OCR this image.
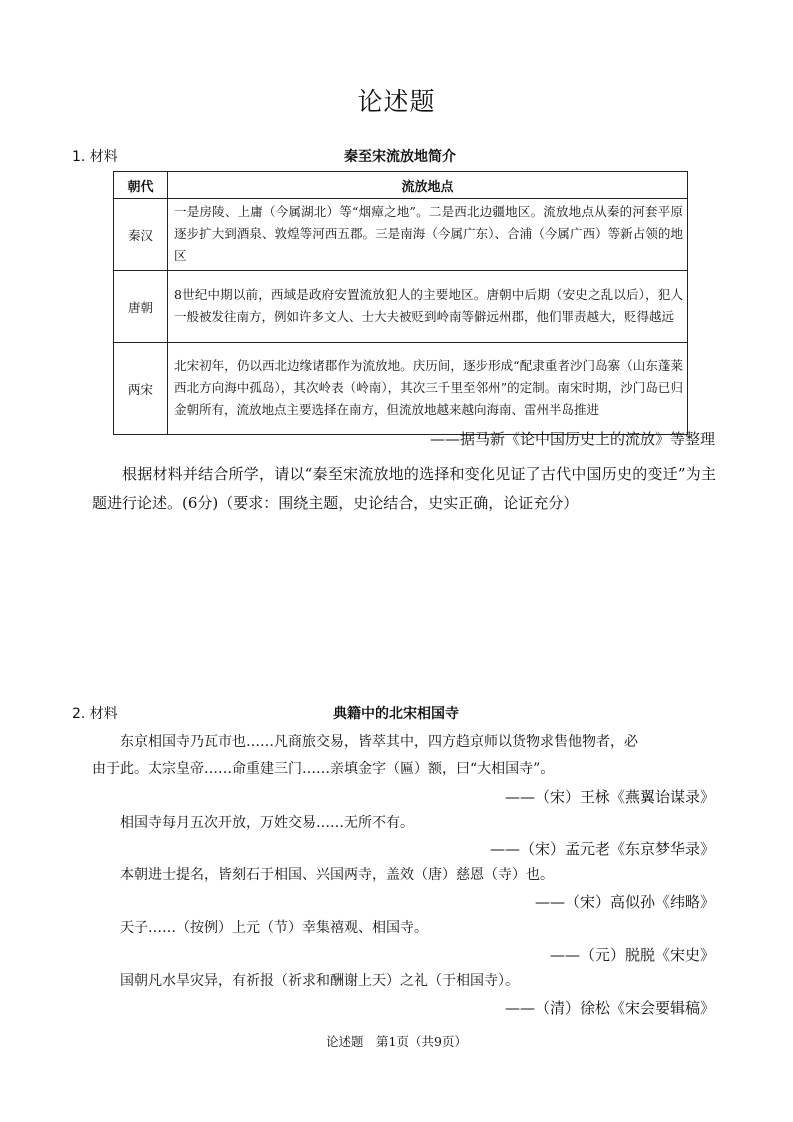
论述题
1. 材料	秦至宋流放地简介
朝代	流放地点
秦汉	一是房陵、上庸（今属湖北）等“烟瘴之地”。二是西北边疆地区。流放地点从秦的河套平原逐步扩大到酒泉、敦煌等河西五郡。三是南海（今属广东）、合浦（今属广西）等新占领的地区
唐朝	8世纪中期以前，西域是政府安置流放犯人的主要地区。唐朝中后期（安史之乱以后），犯人一般被发往南方，例如许多文人、士大夫被贬到岭南等僻远州郡，他们罪责越大，贬得越远
两宋	北宋初年，仍以西北边缘诸郡作为流放地。庆历间，逐步形成“配隶重者沙门岛寨（山东蓬莱西北方向海中孤岛），其次岭表（岭南），其次三千里至邻州”的定制。南宋时期，沙门岛已归金朝所有，流放地点主要选择在南方，但流放地越来越向海南、雷州半岛推进
——据马新《论中国历史上的流放》等整理
根据材料并结合所学，请以“秦至宋流放地的选择和变化见证了古代中国历史的变迁”为主题进行论述。(6分)（要求：围绕主题，史论结合，史实正确，论证充分）
2. 材料	典籍中的北宋相国寺
东京相国寺乃瓦市也……凡商旅交易，皆萃其中，四方趋京师以货物求售他物者，必
由于此。太宗皇帝……命重建三门……亲填金字（匾）额，曰“大相国寺”。
——（宋）王栐《燕翼诒谋录》
相国寺每月五次开放，万姓交易……无所不有。
——（宋）孟元老《东京梦华录》
本朝进士提名，皆刻石于相国、兴国两寺，盖效（唐）慈恩（寺）也。
——（宋）高似孙《纬略》
天子……（按例）上元（节）幸集禧观、相国寺。
——（元）脱脱《宋史》
国朝凡水旱灾异，有祈报（祈求和酬谢上天）之礼（于相国寺）。
——（清）徐松《宋会要辑稿》
论述题　第1页（共9页）
